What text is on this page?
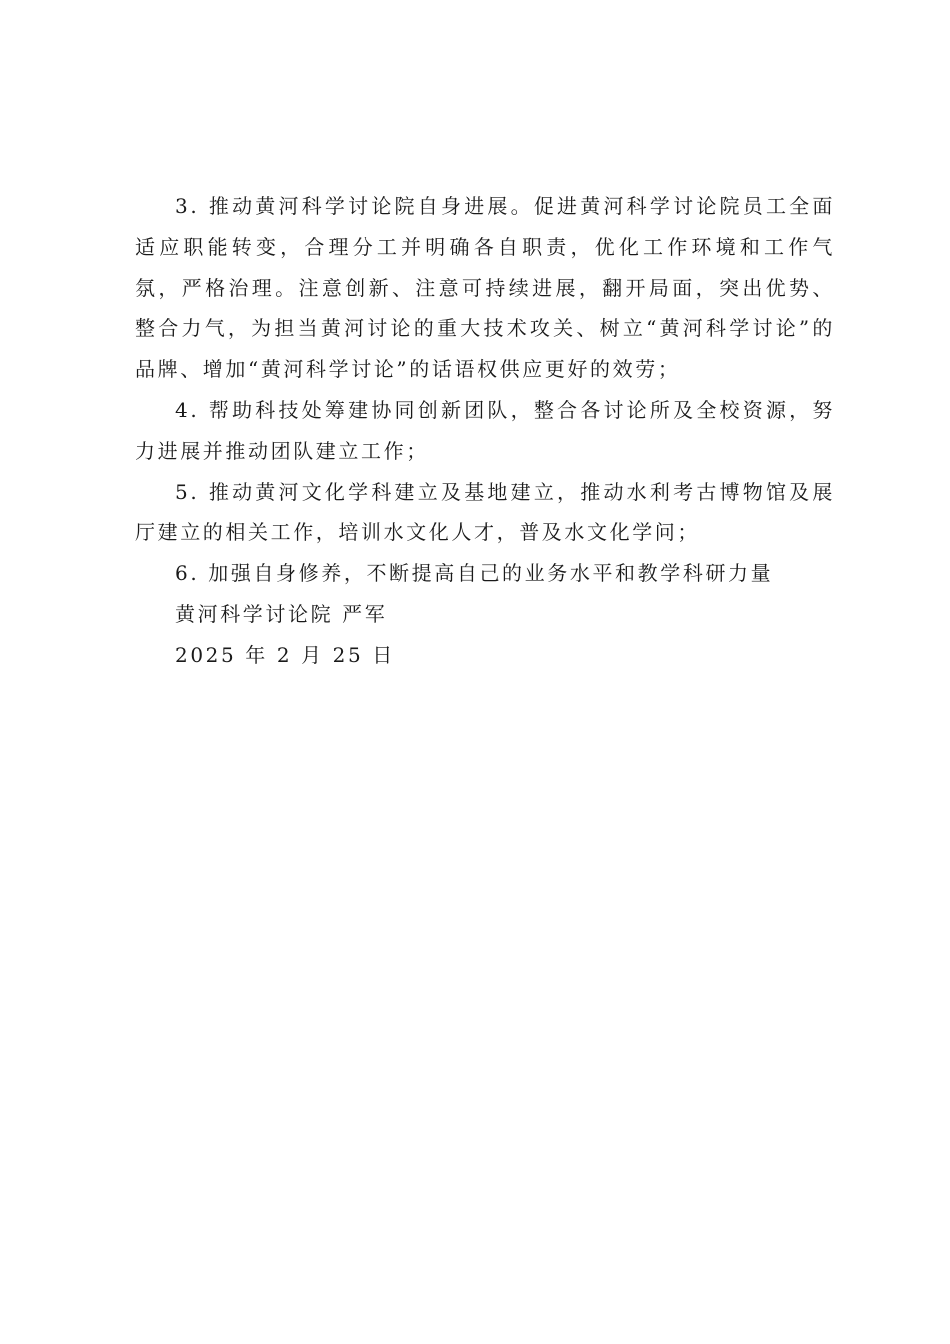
3. 推动黄河科学讨论院自身进展。促进黄河科学讨论院员工全面适应职能转变，合理分工并明确各自职责，优化工作环境和工作气氛，严格治理。注意创新、注意可持续进展，翻开局面，突出优势、整合力气，为担当黄河讨论的重大技术攻关、树立“黄河科学讨论”的品牌、增加“黄河科学讨论”的话语权供应更好的效劳；

4. 帮助科技处筹建协同创新团队，整合各讨论所及全校资源，努力进展并推动团队建立工作；

5. 推动黄河文化学科建立及基地建立，推动水利考古博物馆及展厅建立的相关工作，培训水文化人才，普及水文化学问；

6. 加强自身修养，不断提高自己的业务水平和教学科研力量

黄河科学讨论院 严军

2025 年 2 月 25 日
